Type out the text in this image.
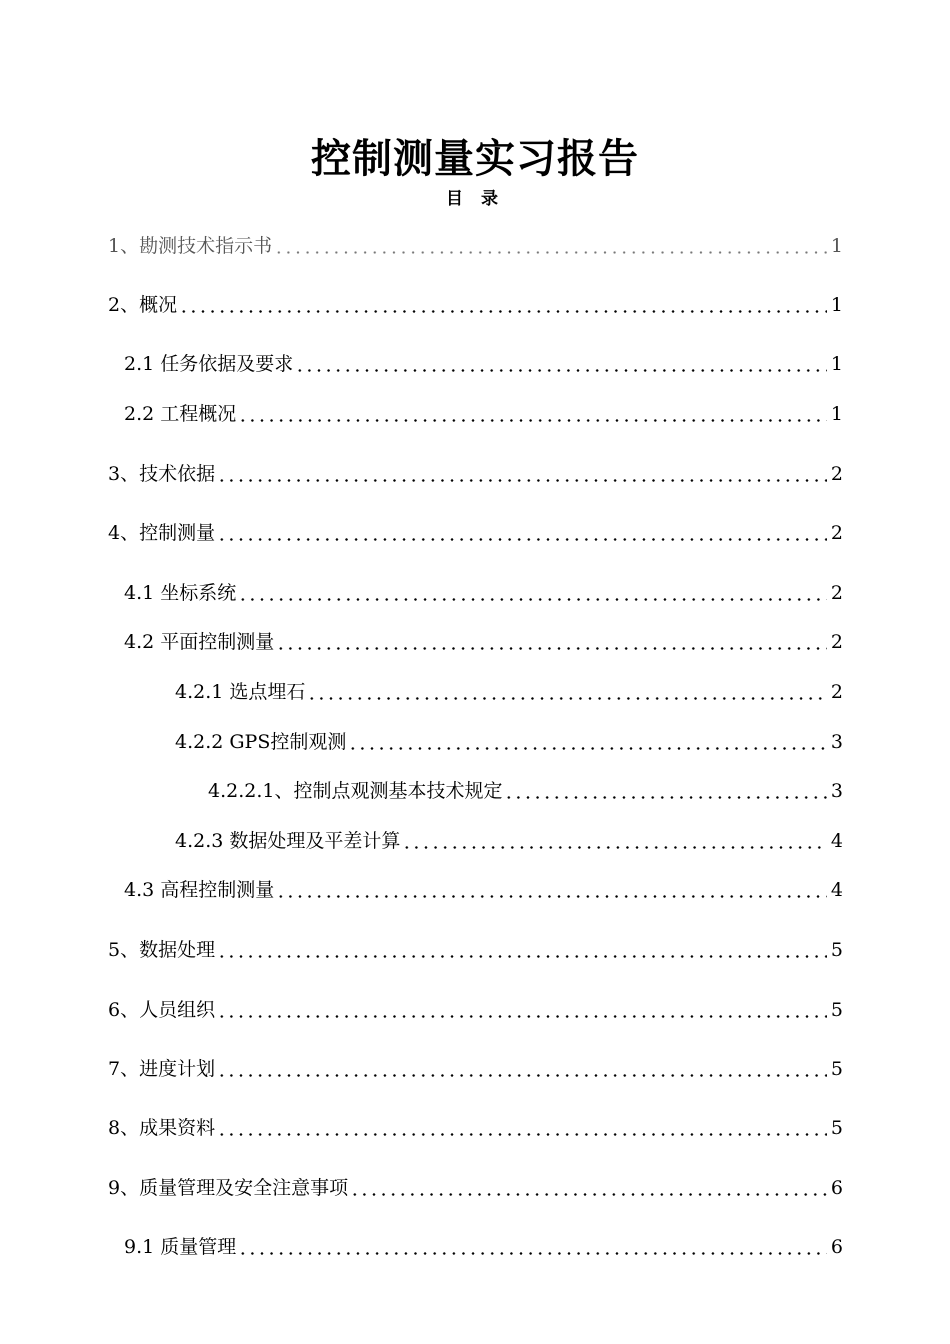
控制测量实习报告
目 录
1、勘测技术指示书	1
2、概况	1
2.1 任务依据及要求	1
2.2 工程概况	1
3、技术依据	2
4、控制测量	2
4.1 坐标系统	2
4.2 平面控制测量	2
4.2.1 选点埋石	2
4.2.2 GPS控制观测	3
4.2.2.1、控制点观测基本技术规定	3
4.2.3 数据处理及平差计算	4
4.3 高程控制测量	4
5、数据处理	5
6、人员组织	5
7、进度计划	5
8、成果资料	5
9、质量管理及安全注意事项	6
9.1 质量管理	6
